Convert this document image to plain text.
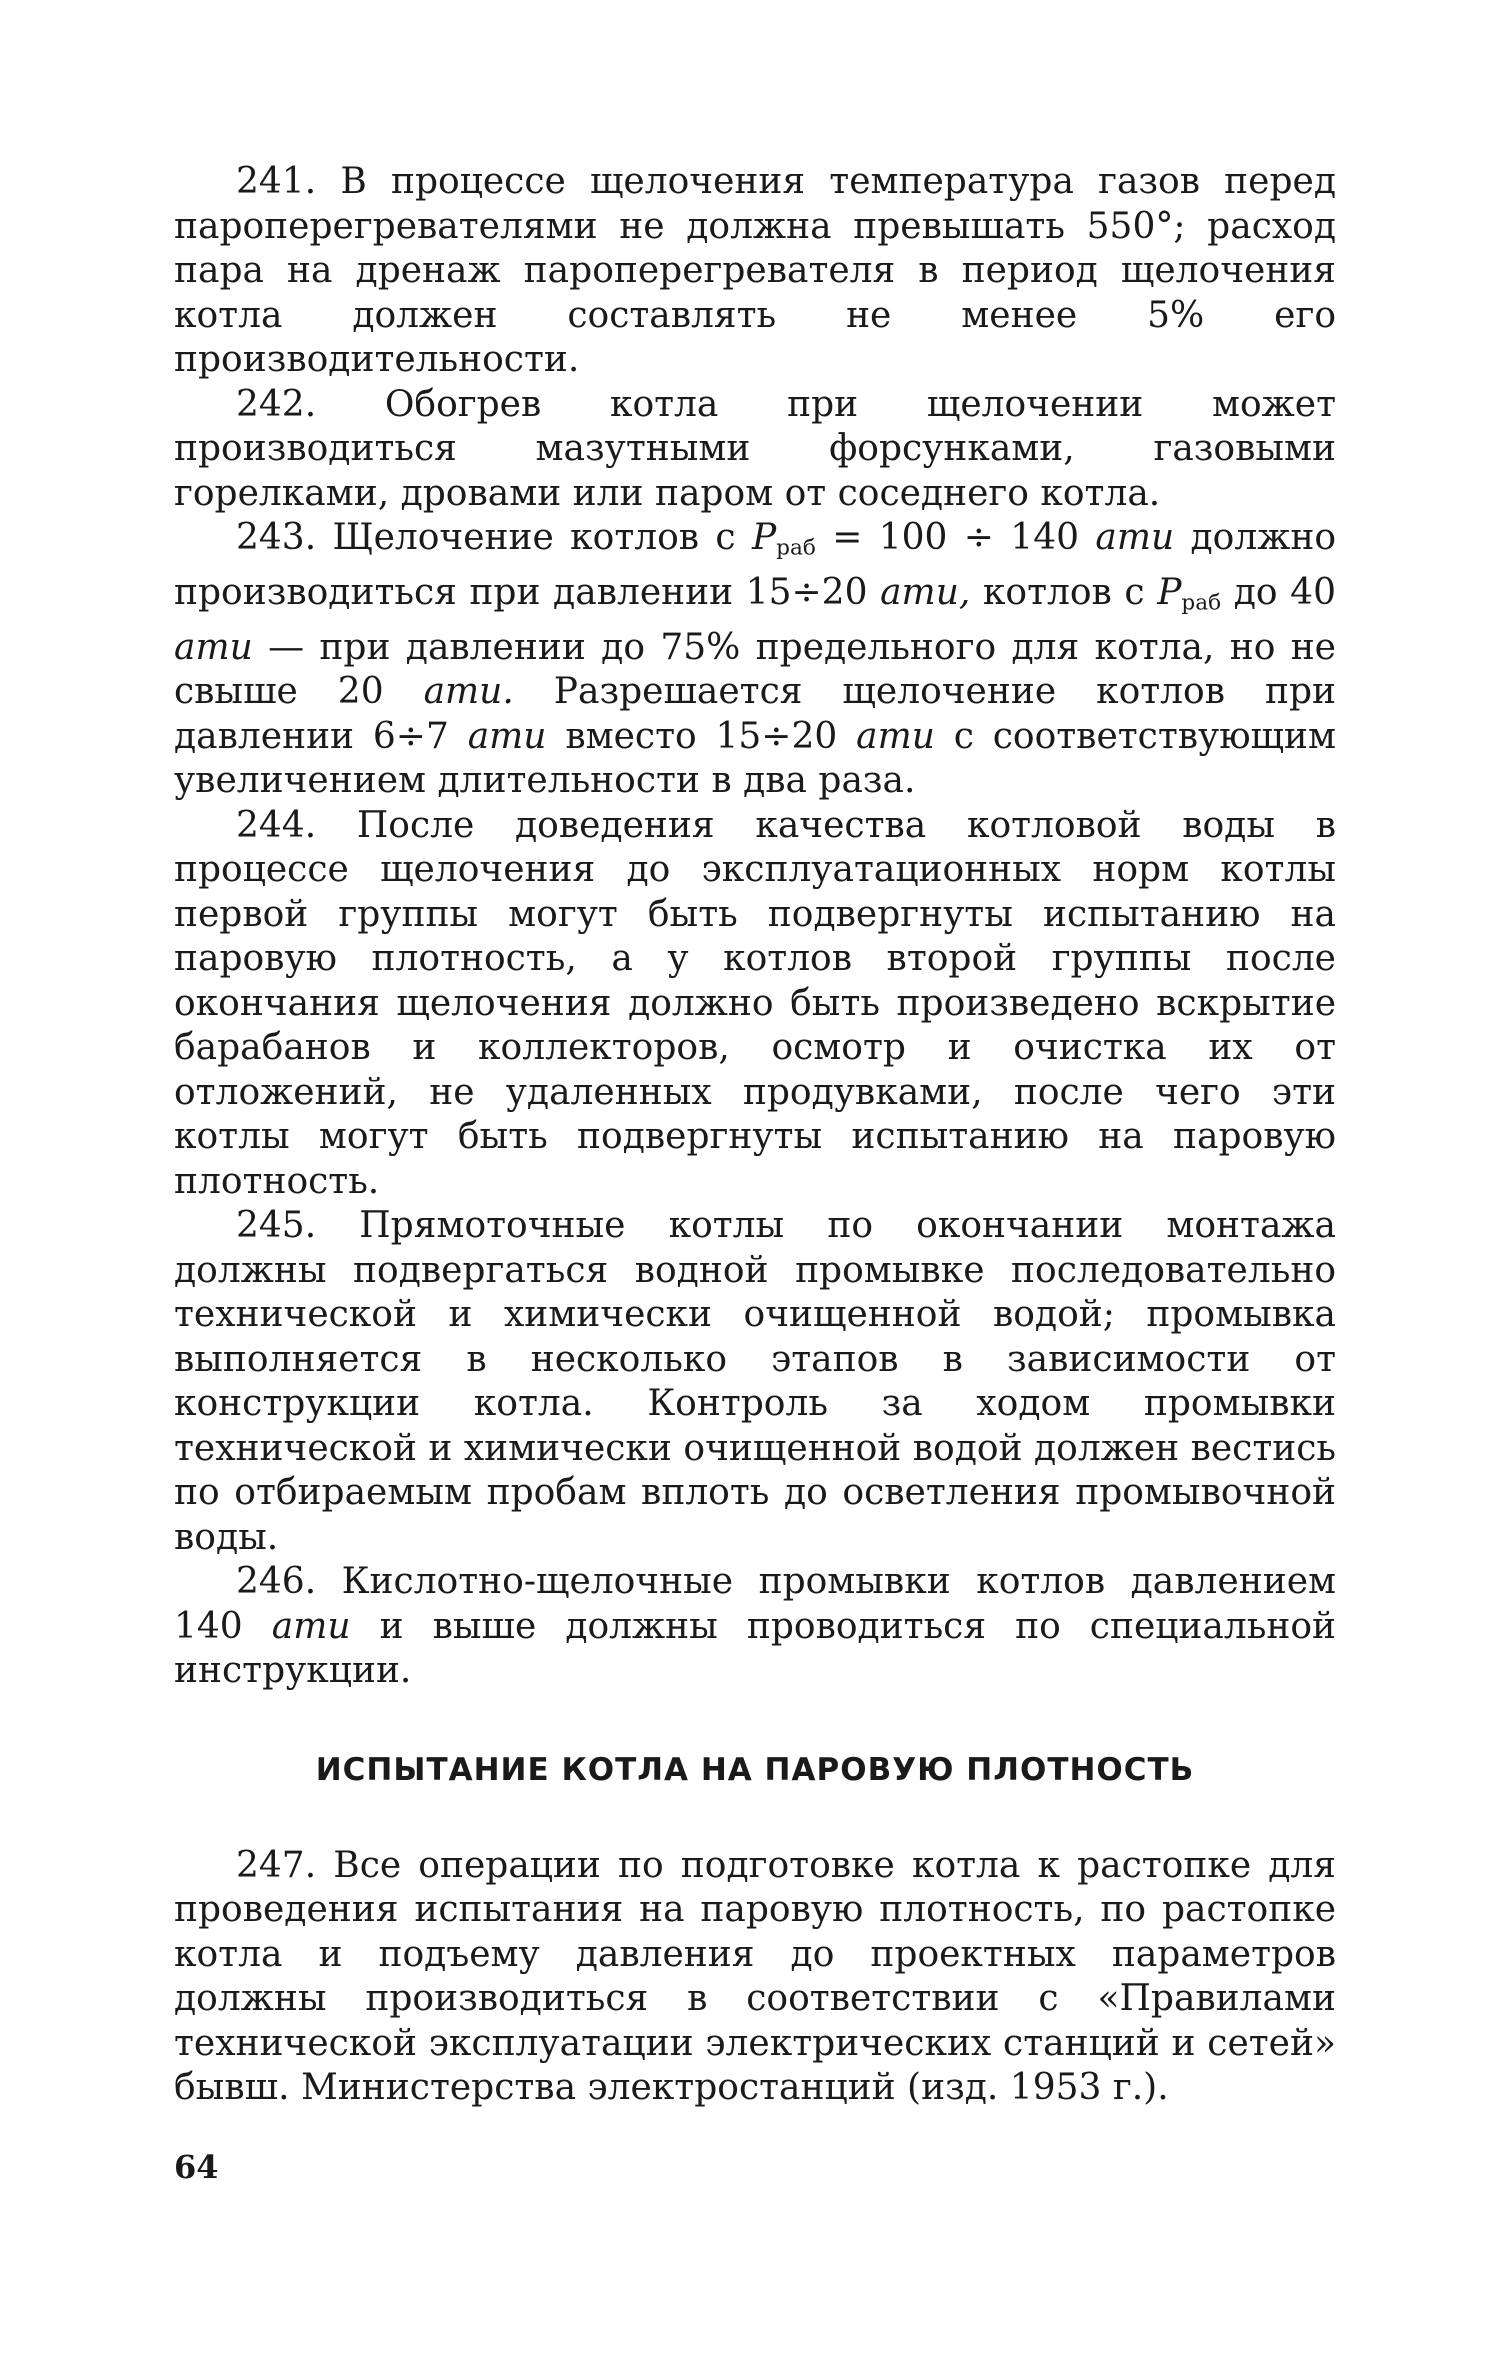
241. В процессе щелочения температура газов перед пароперегревателями не должна превышать 550°; расход пара на дренаж пароперегревателя в период щелочения котла должен составлять не менее 5% его производительности.

242. Обогрев котла при щелочении может производиться мазутными форсунками, газовыми горелками, дровами или паром от соседнего котла.

243. Щелочение котлов с $P_{раб} = 100 \div 140$ ати должно производиться при давлении 15÷20 ати, котлов с $P_{раб}$ до 40 ати — при давлении до 75% предельного для котла, но не свыше 20 ати. Разрешается щелочение котлов при давлении 6÷7 ати вместо 15÷20 ати с соответствующим увеличением длительности в два раза.

244. После доведения качества котловой воды в процессе щелочения до эксплуатационных норм котлы первой группы могут быть подвергнуты испытанию на паровую плотность, а у котлов второй группы после окончания щелочения должно быть произведено вскрытие барабанов и коллекторов, осмотр и очистка их от отложений, не удаленных продувками, после чего эти котлы могут быть подвергнуты испытанию на паровую плотность.

245. Прямоточные котлы по окончании монтажа должны подвергаться водной промывке последовательно технической и химически очищенной водой; промывка выполняется в несколько этапов в зависимости от конструкции котла. Контроль за ходом промывки технической и химически очищенной водой должен вестись по отбираемым пробам вплоть до осветления промывочной воды.

246. Кислотно-щелочные промывки котлов давлением 140 ати и выше должны проводиться по специальной инструкции.

ИСПЫТАНИЕ КОТЛА НА ПАРОВУЮ ПЛОТНОСТЬ

247. Все операции по подготовке котла к растопке для проведения испытания на паровую плотность, по растопке котла и подъему давления до проектных параметров должны производиться в соответствии с «Правилами технической эксплуатации электрических станций и сетей» бывш. Министерства электростанций (изд. 1953 г.).

64
